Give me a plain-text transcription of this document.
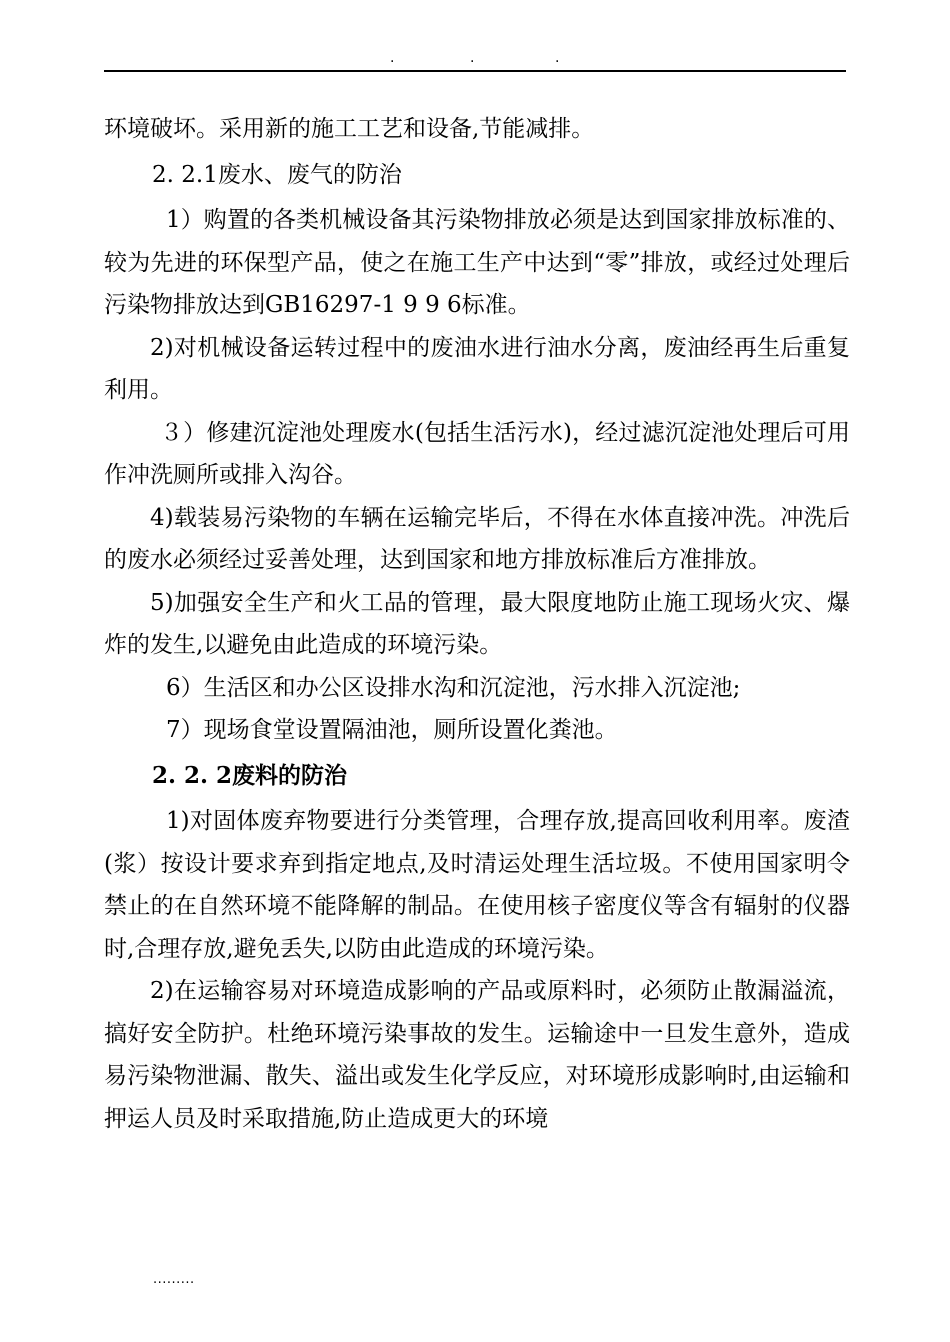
.	.	.

环境破坏。采用新的施工工艺和设备,节能减排。

2. 2.1废水、废气的防治

1）购置的各类机械设备其污染物排放必须是达到国家排放标准的、较为先进的环保型产品，使之在施工生产中达到“零”排放，或经过处理后污染物排放达到GB16297-1 9 9 6标准。

2)对机械设备运转过程中的废油水进行油水分离，废油经再生后重复利用。

３）修建沉淀池处理废水(包括生活污水)，经过滤沉淀池处理后可用作冲洗厕所或排入沟谷。

4)载装易污染物的车辆在运输完毕后，不得在水体直接冲洗。冲洗后的废水必须经过妥善处理，达到国家和地方排放标准后方准排放。

5)加强安全生产和火工品的管理，最大限度地防止施工现场火灾、爆炸的发生,以避免由此造成的环境污染。

6）生活区和办公区设排水沟和沉淀池，污水排入沉淀池;

7）现场食堂设置隔油池，厕所设置化粪池。

2. 2. 2废料的防治

1)对固体废弃物要进行分类管理，合理存放,提高回收利用率。废渣(浆）按设计要求弃到指定地点,及时清运处理生活垃圾。不使用国家明令禁止的在自然环境不能降解的制品。在使用核子密度仪等含有辐射的仪器时,合理存放,避免丢失,以防由此造成的环境污染。

2)在运输容易对环境造成影响的产品或原料时，必须防止散漏溢流，搞好安全防护。杜绝环境污染事故的发生。运输途中一旦发生意外，造成易污染物泄漏、散失、溢出或发生化学反应，对环境形成影响时,由运输和押运人员及时采取措施,防止造成更大的环境

.........
